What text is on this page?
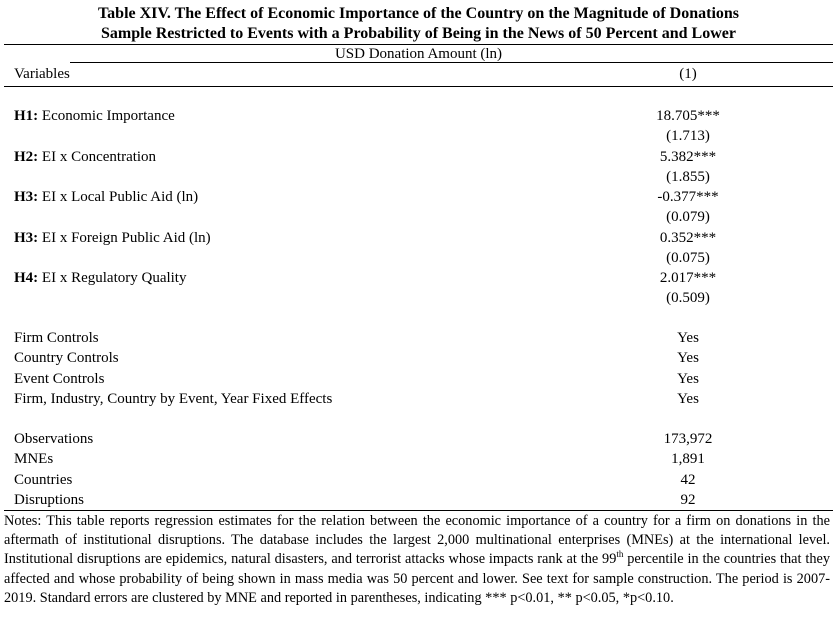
Table XIV. The Effect of Economic Importance of the Country on the Magnitude of Donations
Sample Restricted to Events with a Probability of Being in the News of 50 Percent and Lower
USD Donation Amount (ln)
Variables	(1)
H1: Economic Importance	18.705***
(1.713)
H2: EI x Concentration	5.382***
(1.855)
H3: EI x Local Public Aid (ln)	-0.377***
(0.079)
H3: EI x Foreign Public Aid (ln)	0.352***
(0.075)
H4: EI x Regulatory Quality	2.017***
(0.509)
Firm Controls	Yes
Country Controls	Yes
Event Controls	Yes
Firm, Industry, Country by Event, Year Fixed Effects	Yes
Observations	173,972
MNEs	1,891
Countries	42
Disruptions	92
Notes: This table reports regression estimates for the relation between the economic importance of a country for a firm on donations in the aftermath of institutional disruptions. The database includes the largest 2,000 multinational enterprises (MNEs) at the international level. Institutional disruptions are epidemics, natural disasters, and terrorist attacks whose impacts rank at the 99th percentile in the countries that they affected and whose probability of being shown in mass media was 50 percent and lower. See text for sample construction. The period is 2007-2019. Standard errors are clustered by MNE and reported in parentheses, indicating *** p<0.01, ** p<0.05, *p<0.10.
